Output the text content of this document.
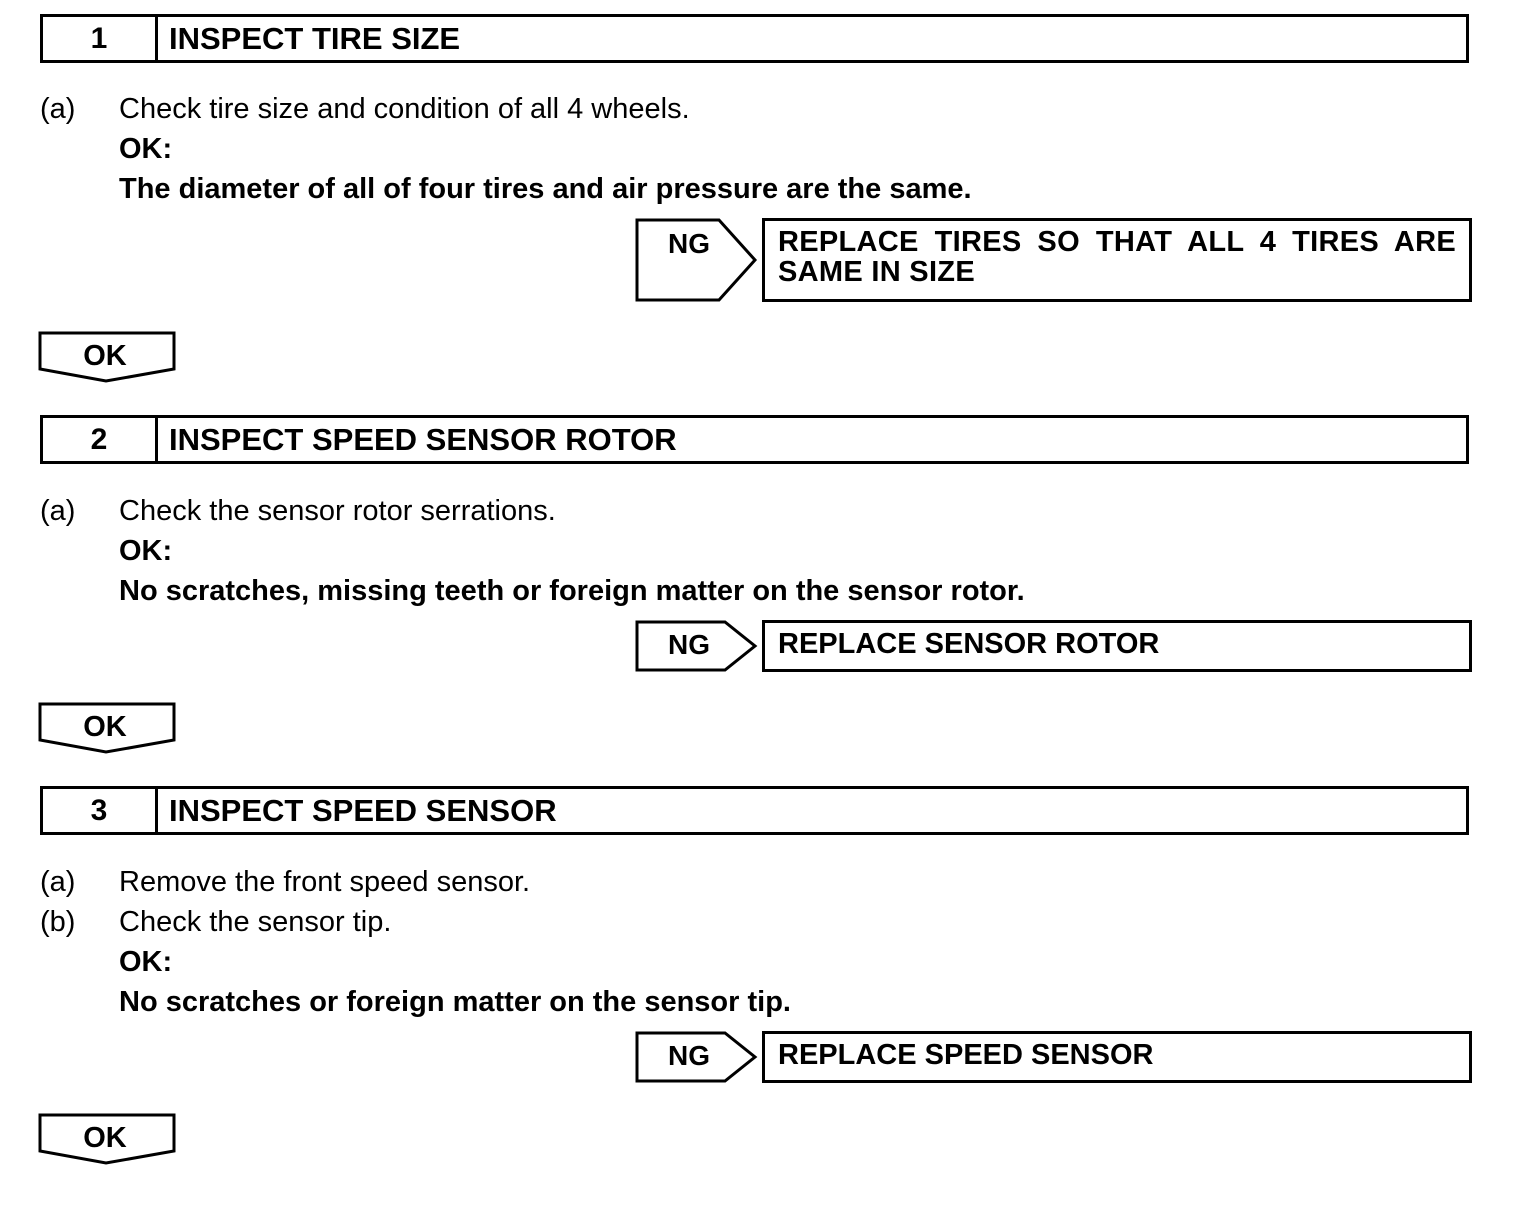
1	INSPECT TIRE SIZE
(a) Check tire size and condition of all 4 wheels.
OK:
The diameter of all of four tires and air pressure are the same.
NG	REPLACE TIRES SO THAT ALL 4 TIRES ARE SAME IN SIZE
OK
2	INSPECT SPEED SENSOR ROTOR
(a) Check the sensor rotor serrations.
OK:
No scratches, missing teeth or foreign matter on the sensor rotor.
NG	REPLACE SENSOR ROTOR
OK
3	INSPECT SPEED SENSOR
(a) Remove the front speed sensor.
(b) Check the sensor tip.
OK:
No scratches or foreign matter on the sensor tip.
NG	REPLACE SPEED SENSOR
OK
